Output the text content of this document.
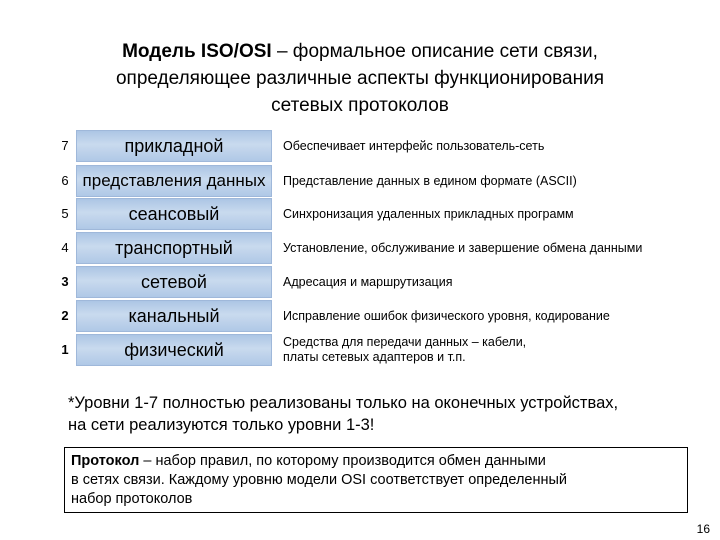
Модель ISO/OSI – формальное описание сети связи,
определяющее различные аспекты функционирования
сетевых протоколов
7	прикладной	Обеспечивает интерфейс пользователь-сеть
6 представления данных	Представление данных в едином формате (ASCII)
5	сеансовый	Синхронизация удаленных прикладных программ
4	транспортный	Установление, обслуживание и завершение обмена данными
3	сетевой	Адресация и маршрутизация
2	канальный	Исправление ошибок физического уровня, кодирование
1	физический	Средства для передачи данных – кабели,
платы сетевых адаптеров и т.п.
*Уровни 1-7 полностью реализованы только на оконечных устройствах,
на сети реализуются только уровни 1-3!
Протокол – набор правил, по которому производится обмен данными
в сетях связи. Каждому уровню модели OSI соответствует определенный
набор протоколов
16
